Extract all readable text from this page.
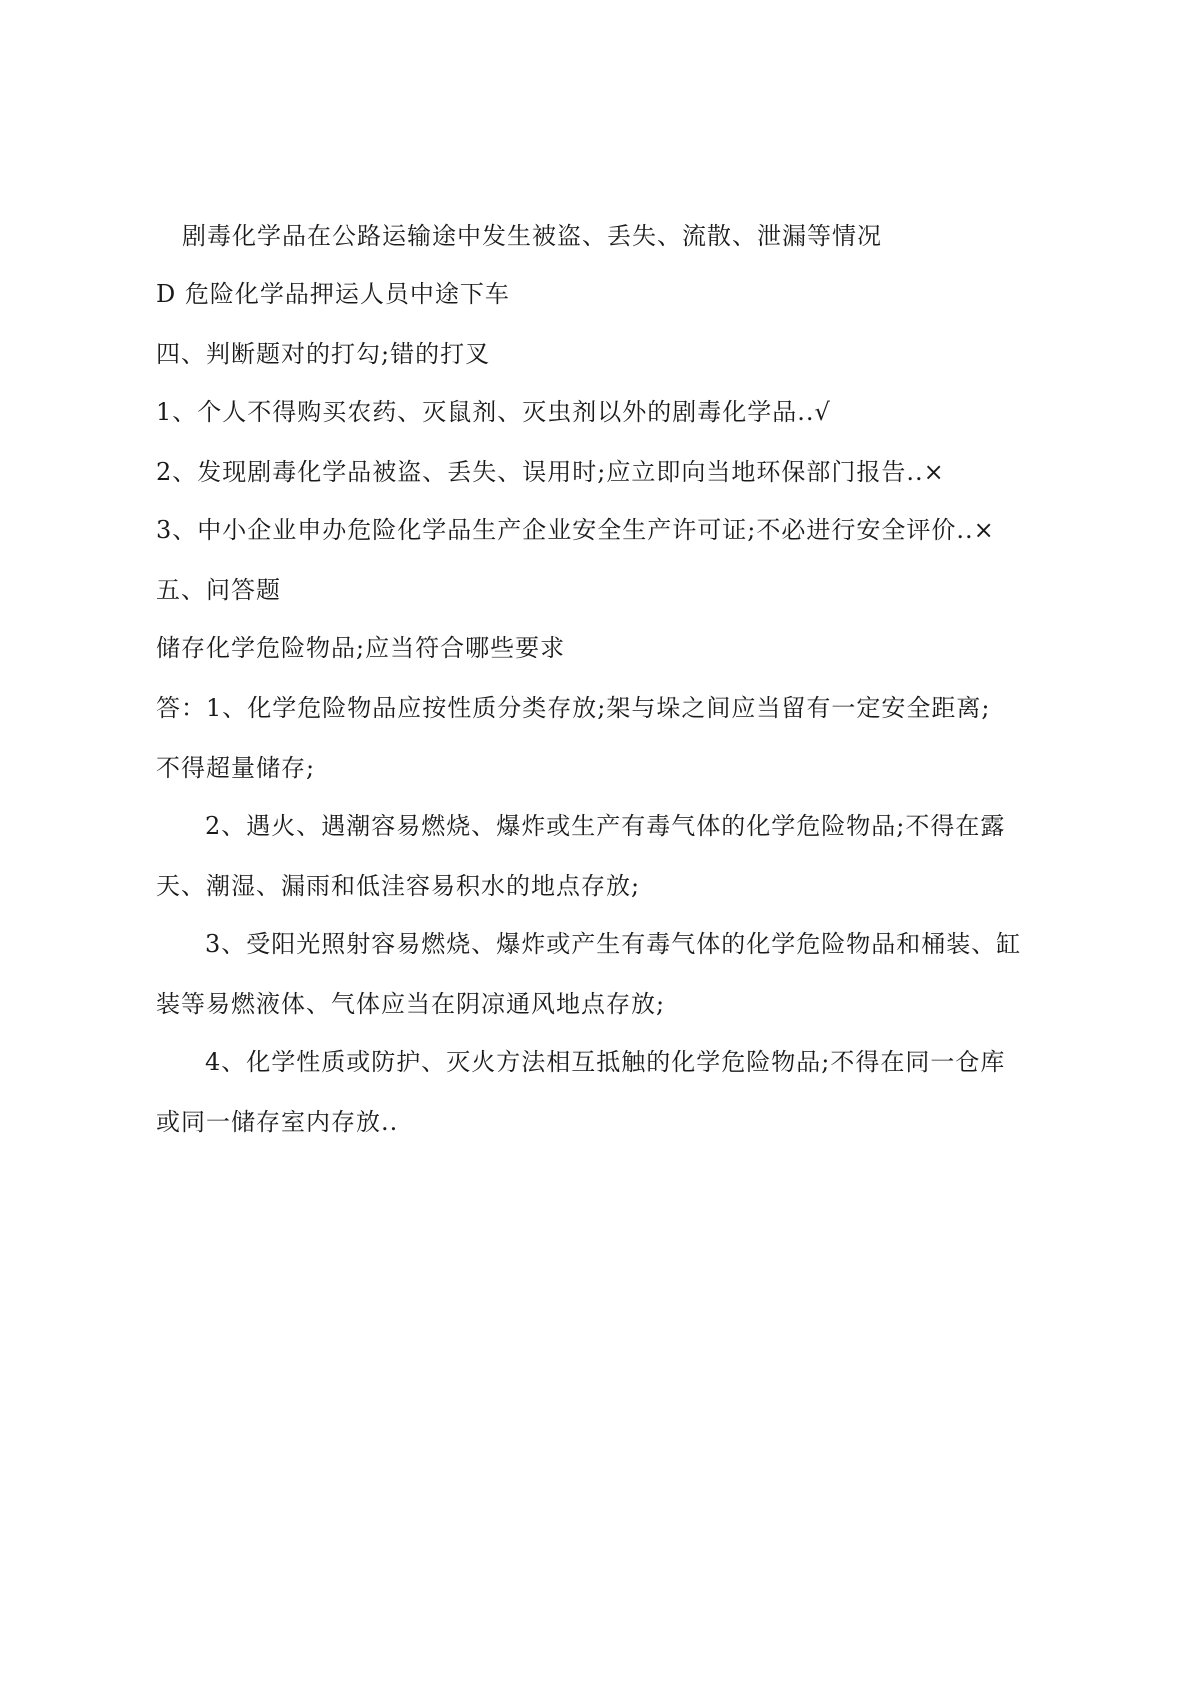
剧毒化学品在公路运输途中发生被盗、丢失、流散、泄漏等情况
D 危险化学品押运人员中途下车
四、判断题对的打勾;错的打叉
1、个人不得购买农药、灭鼠剂、灭虫剂以外的剧毒化学品..√
2、发现剧毒化学品被盗、丢失、误用时;应立即向当地环保部门报告..×
3、中小企业申办危险化学品生产企业安全生产许可证;不必进行安全评价..×
五、问答题
储存化学危险物品;应当符合哪些要求
答：1、化学危险物品应按性质分类存放;架与垛之间应当留有一定安全距离;
不得超量储存;
2、遇火、遇潮容易燃烧、爆炸或生产有毒气体的化学危险物品;不得在露
天、潮湿、漏雨和低洼容易积水的地点存放;
3、受阳光照射容易燃烧、爆炸或产生有毒气体的化学危险物品和桶装、缸
装等易燃液体、气体应当在阴凉通风地点存放;
4、化学性质或防护、灭火方法相互抵触的化学危险物品;不得在同一仓库
或同一储存室内存放..
